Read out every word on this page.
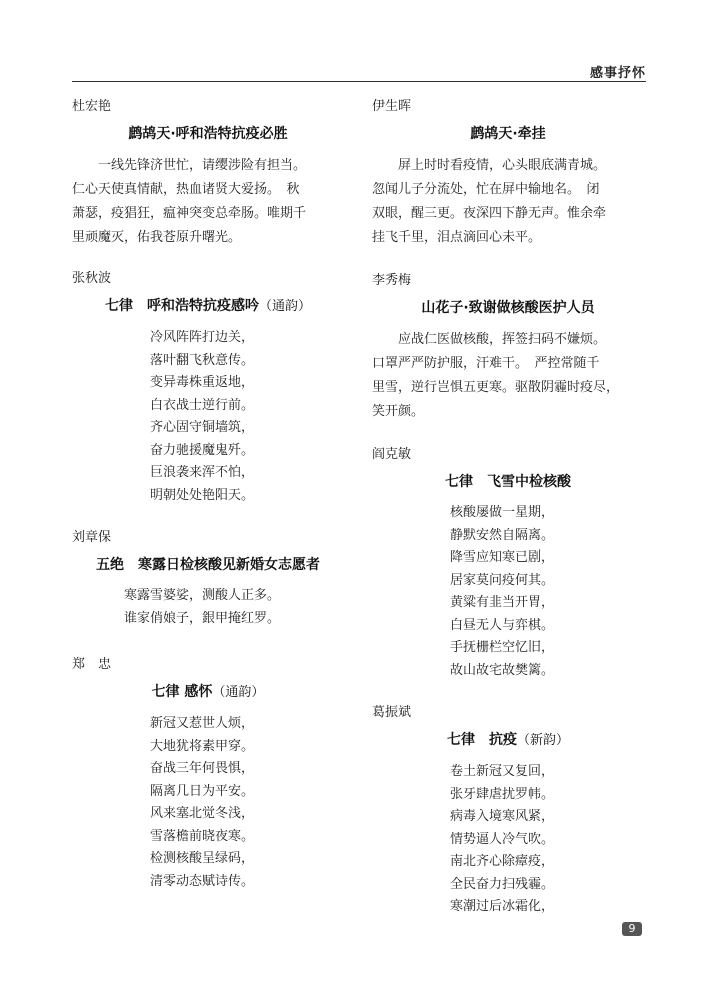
感事抒怀
杜宏艳
鹧鸪天·呼和浩特抗疫必胜
一线先锋济世忙，请缨涉险有担当。
仁心天使真情献，热血诸贤大爱扬。　秋
萧瑟，疫猖狂，瘟神突变总牵肠。唯期千
里顽魔灭，佑我苍原升曙光。
张秋波
七律　呼和浩特抗疫感吟（通韵）
冷风阵阵打边关，
落叶翻飞秋意传。
变异毒株重返地，
白衣战士逆行前。
齐心固守铜墙筑，
奋力驰援魔鬼歼。
巨浪袭来浑不怕，
明朝处处艳阳天。
刘章保
五绝　寒露日检核酸见新婚女志愿者
寒露雪婆娑，测酸人正多。
谁家俏娘子，銀甲掩红罗。
郑　忠
七律 感怀（通韵）
新冠又惹世人烦，
大地犹将素甲穿。
奋战三年何畏惧，
隔离几日为平安。
风来塞北觉冬浅，
雪落檐前晓夜寒。
检测核酸呈绿码，
清零动态赋诗传。
伊生晖
鹧鸪天·牵挂
屏上时时看疫情，心头眼底满青城。
忽闻儿子分流处，忙在屏中输地名。　闭
双眼，醒三更。夜深四下静无声。惟余牵
挂飞千里，泪点滴回心未平。
李秀梅
山花子·致谢做核酸医护人员
应战仁医做核酸，挥签扫码不嫌烦。
口罩严严防护服，汗难干。　严控常随千
里雪，逆行岂惧五更寒。驱散阴霾时疫尽，
笑开颜。
阎克敏
七律　飞雪中检核酸
核酸屡做一星期，
静默安然自隔离。
降雪应知寒已剧，
居家莫问疫何其。
黄粱有韭当开胃，
白昼无人与弈棋。
手抚栅栏空忆旧，
故山故宅故樊篱。
葛振斌
七律　抗疫（新韵）
卷土新冠又复回，
张牙肆虐扰罗帏。
病毒入境寒风紧，
情势逼人冷气吹。
南北齐心除瘴疫，
全民奋力扫残霾。
寒潮过后冰霜化，
9
